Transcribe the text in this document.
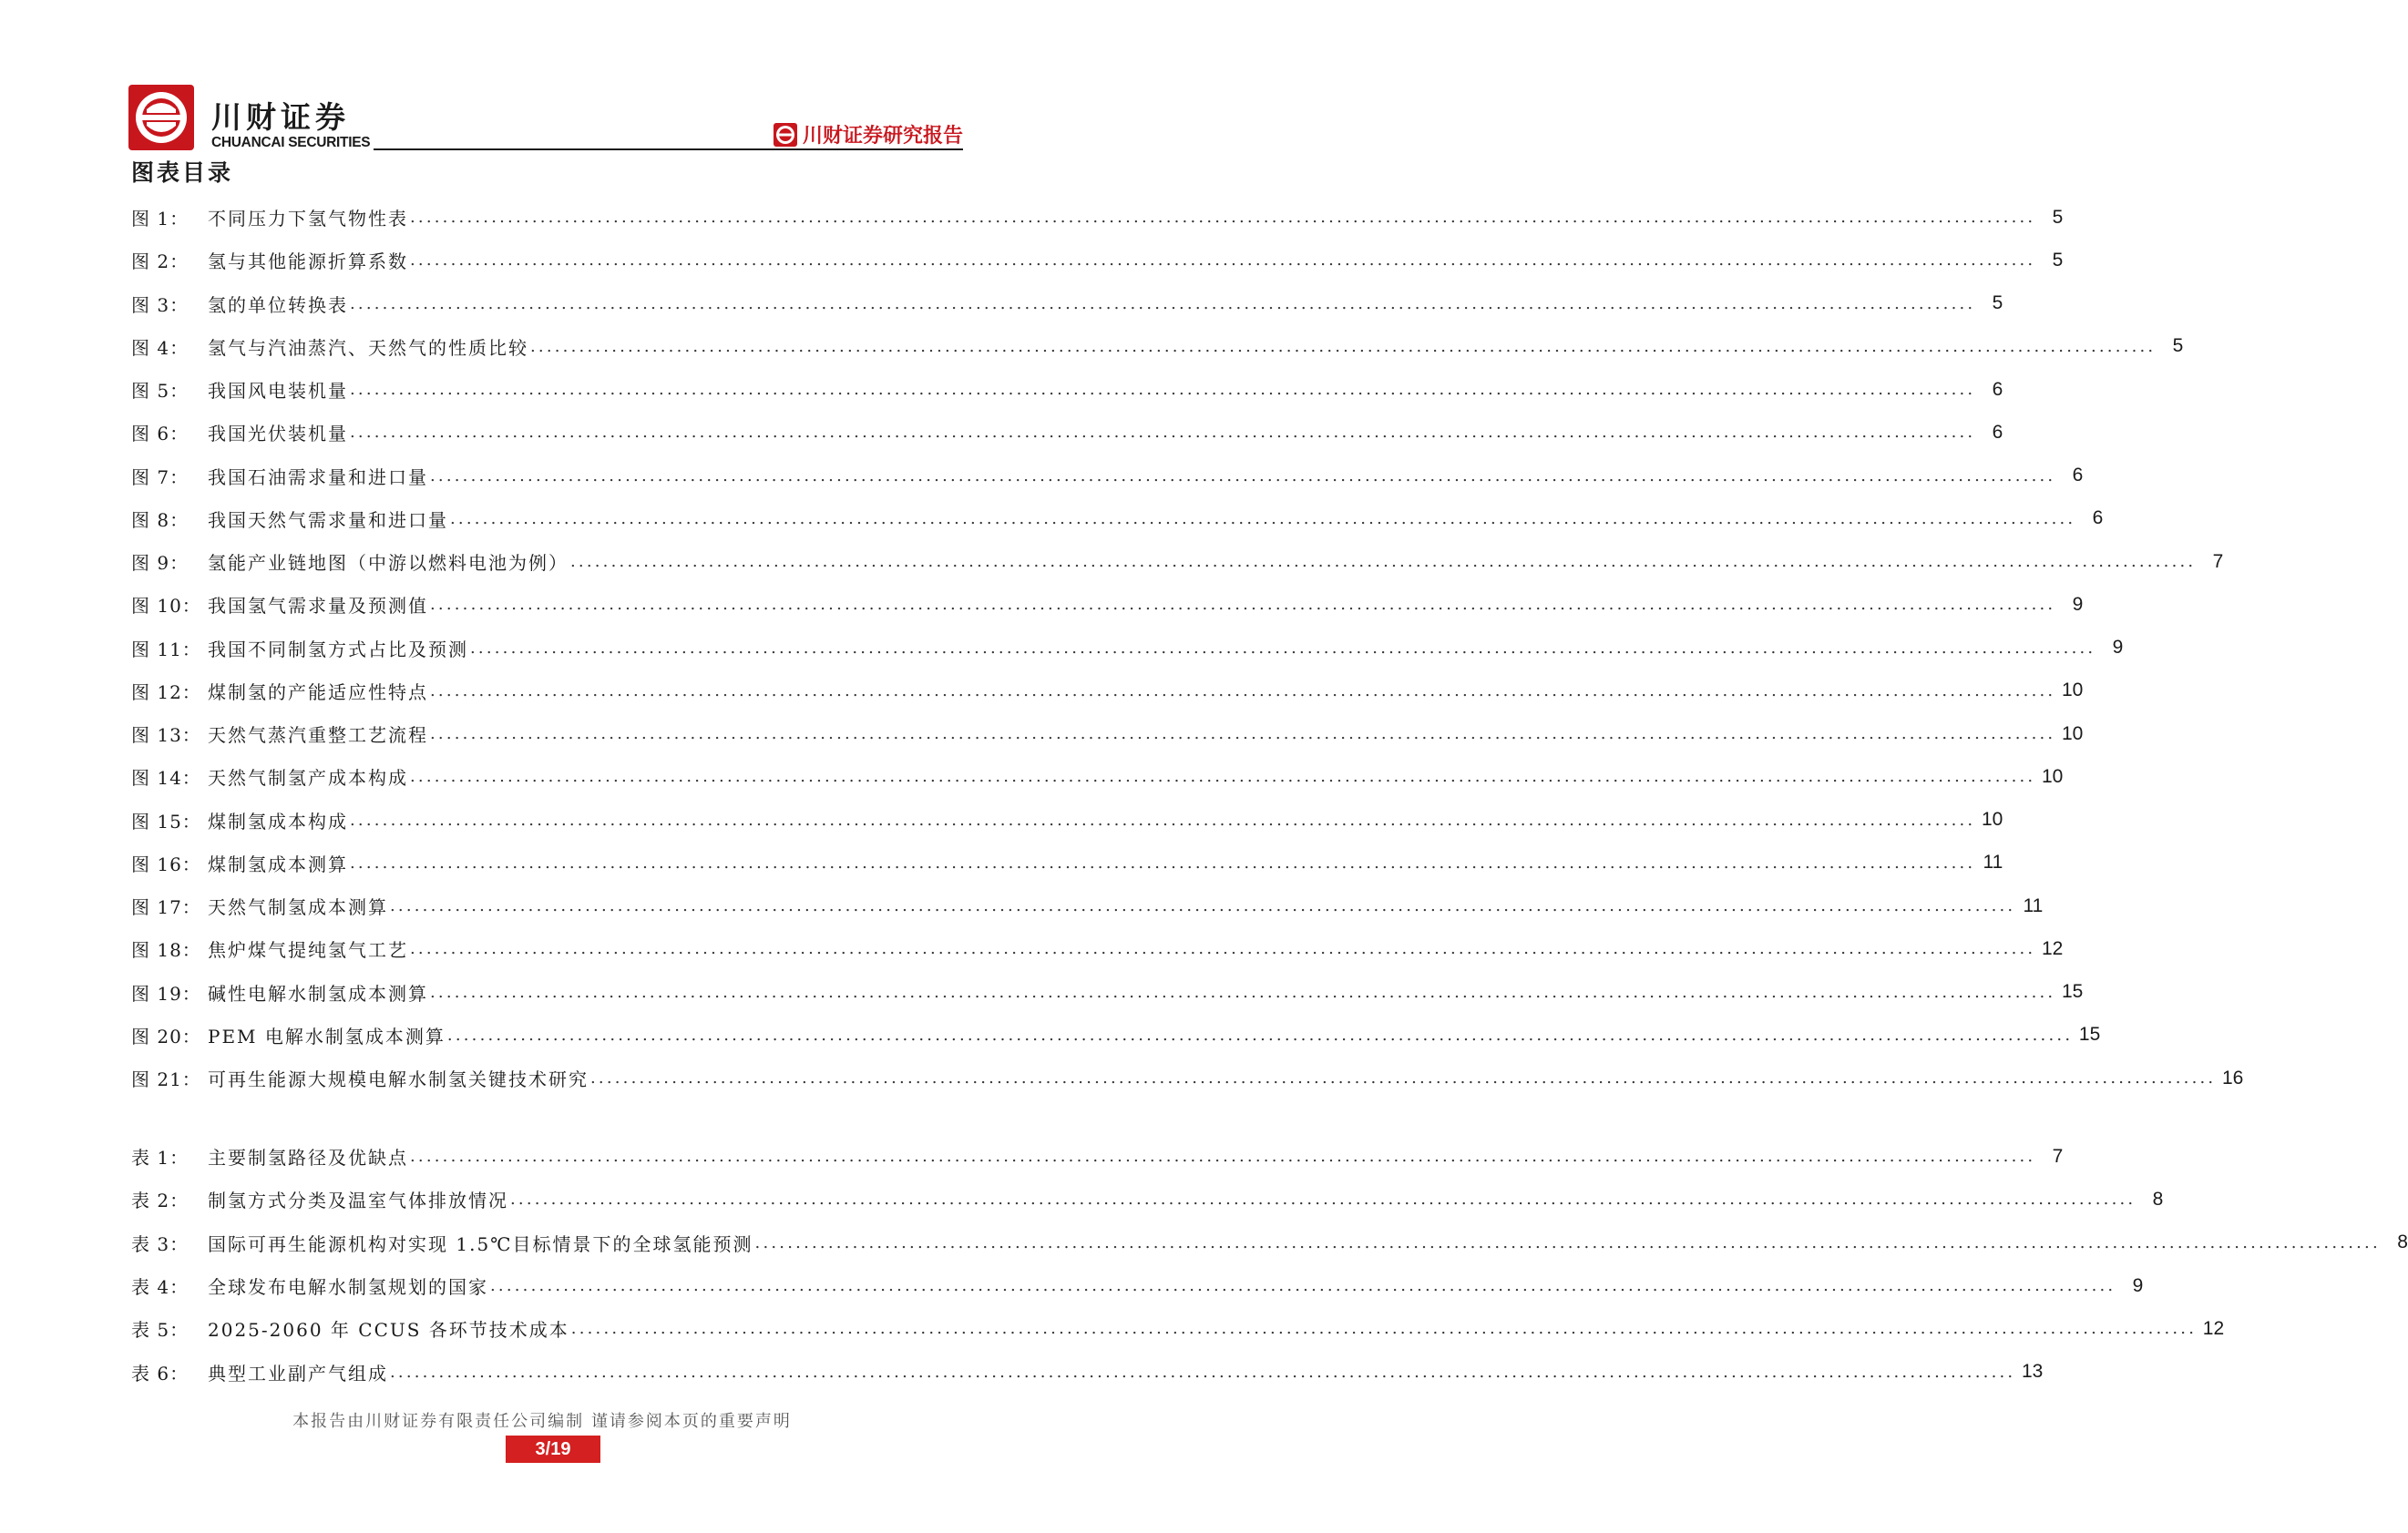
川财证券
CHUANCAI SECURITIES	川财证券研究报告
图表目录
图 1：	不同压力下氢气物性表 ........................................................................................................................................................................................................ 5
图 2：	氢与其他能源折算系数 ........................................................................................................................................................................................................ 5
图 3：	氢的单位转换表 ........................................................................................................................................................................................................ 5
图 4：	氢气与汽油蒸汽、天然气的性质比较 ........................................................................................................................................................................................................ 5
图 5：	我国风电装机量 ........................................................................................................................................................................................................ 6
图 6：	我国光伏装机量 ........................................................................................................................................................................................................ 6
图 7：	我国石油需求量和进口量 ........................................................................................................................................................................................................ 6
图 8：	我国天然气需求量和进口量 ........................................................................................................................................................................................................ 6
图 9：	氢能产业链地图（中游以燃料电池为例） ........................................................................................................................................................................................................ 7
图 10： 我国氢气需求量及预测值 ........................................................................................................................................................................................................ 9
图 11： 我国不同制氢方式占比及预测 ........................................................................................................................................................................................................ 9
图 12： 煤制氢的产能适应性特点 ........................................................................................................................................................................................................ 10
图 13： 天然气蒸汽重整工艺流程 ........................................................................................................................................................................................................ 10
图 14： 天然气制氢产成本构成 ........................................................................................................................................................................................................ 10
图 15： 煤制氢成本构成 ........................................................................................................................................................................................................ 10
图 16： 煤制氢成本测算 ........................................................................................................................................................................................................ 11
图 17： 天然气制氢成本测算 ........................................................................................................................................................................................................ 11
图 18： 焦炉煤气提纯氢气工艺 ........................................................................................................................................................................................................ 12
图 19： 碱性电解水制氢成本测算 ........................................................................................................................................................................................................ 15
图 20： PEM 电解水制氢成本测算 ........................................................................................................................................................................................................ 15
图 21： 可再生能源大规模电解水制氢关键技术研究 ........................................................................................................................................................................................................ 16
表 1：	主要制氢路径及优缺点 ........................................................................................................................................................................................................ 7
表 2：	制氢方式分类及温室气体排放情况 ........................................................................................................................................................................................................ 8
表 3：	国际可再生能源机构对实现 1.5℃目标情景下的全球氢能预测 ........................................................................................................................................................................................................ 8
表 4：	全球发布电解水制氢规划的国家 ........................................................................................................................................................................................................ 9
表 5：	2025-2060 年 CCUS 各环节技术成本 ........................................................................................................................................................................................................ 12
表 6：	典型工业副产气组成 ........................................................................................................................................................................................................ 13
本报告由川财证券有限责任公司编制 谨请参阅本页的重要声明
3/19
